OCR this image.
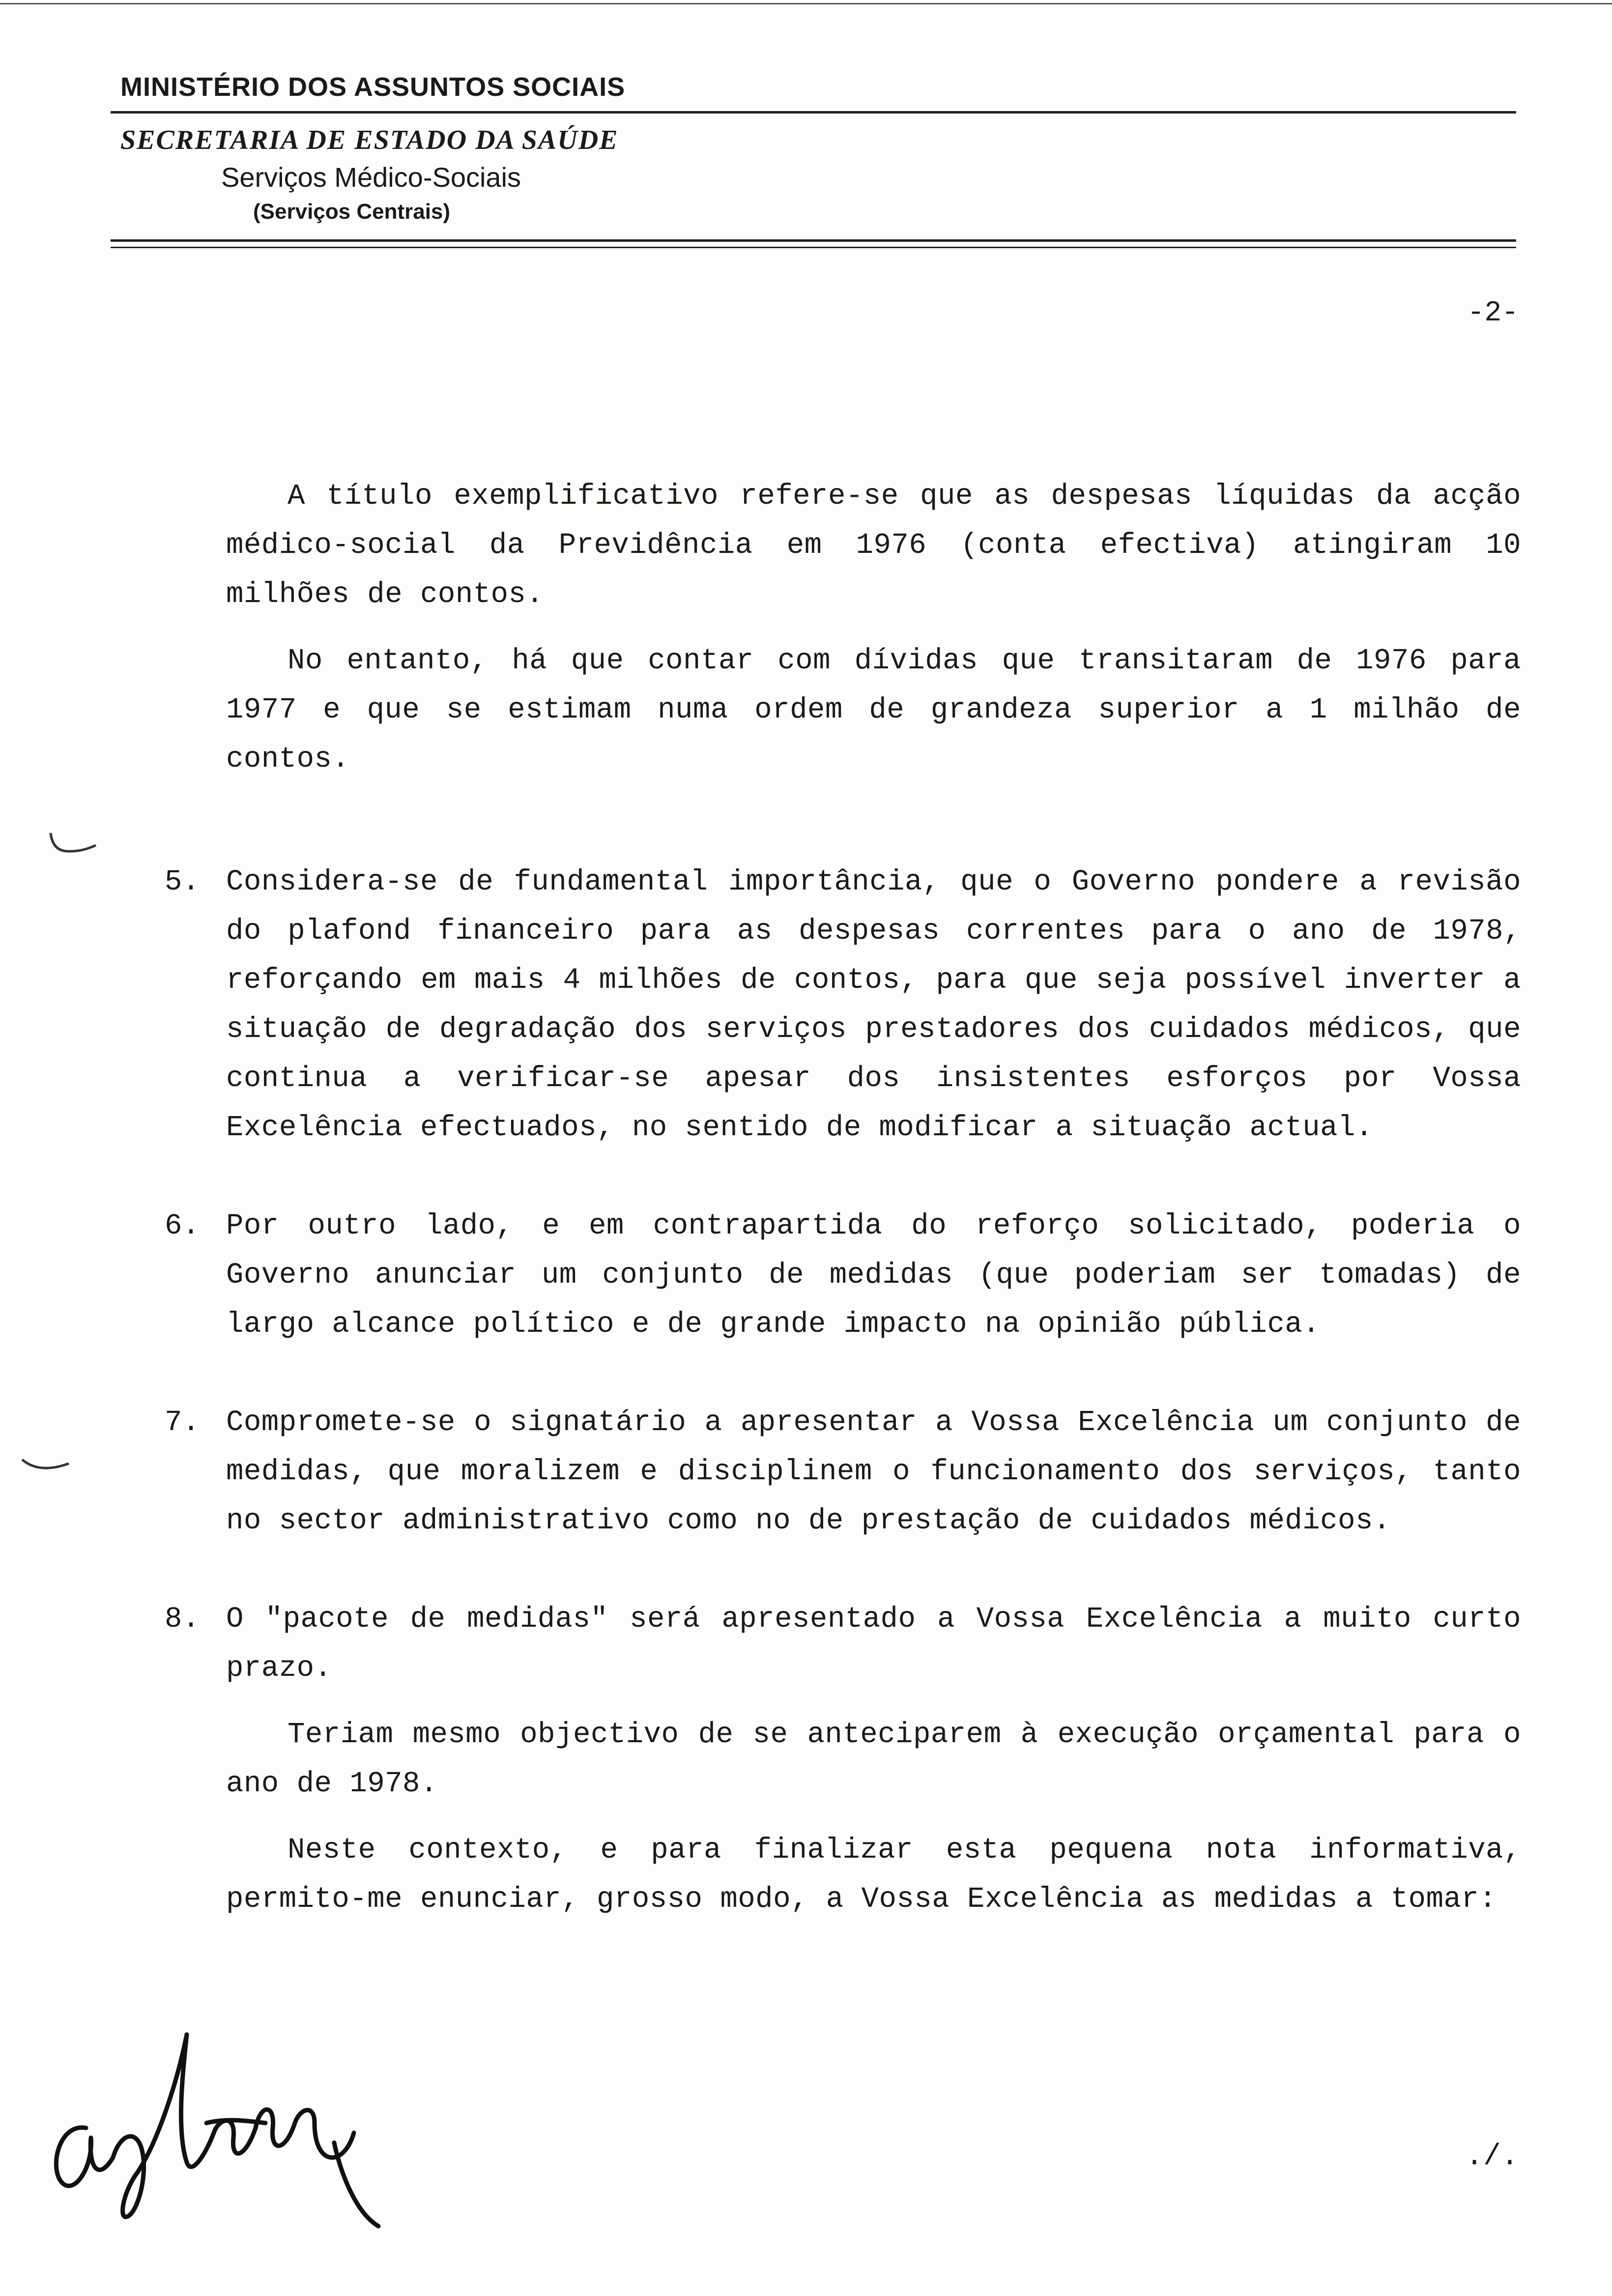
MINISTÉRIO DOS ASSUNTOS SOCIAIS
SECRETARIA DE ESTADO DA SAÚDE
Serviços Médico-Sociais
(Serviços Centrais)
-2-

A título exemplificativo refere-se que as despesas líquidas da acção médico-social da Previdência em 1976 (conta efectiva) atingiram 10 milhões de contos.

No entanto, há que contar com dívidas que transitaram de 1976 para 1977 e que se estimam numa ordem de grandeza superior a 1 milhão de contos.

5. Considera-se de fundamental importância, que o Governo pondere a revisão do plafond financeiro para as despesas correntes para o ano de 1978, reforçando em mais 4 milhões de contos, para que seja possível inverter a situação de degradação dos serviços prestadores dos cuidados médicos, que continua a verificar-se apesar dos insistentes esforços por Vossa Excelência efectuados, no sentido de modificar a situação actual.

6. Por outro lado, e em contrapartida do reforço solicitado, poderia o Governo anunciar um conjunto de medidas (que poderiam ser tomadas) de largo alcance político e de grande impacto na opinião pública.

7. Compromete-se o signatário a apresentar a Vossa Excelência um conjunto de medidas, que moralizem e disciplinem o funcionamento dos serviços, tanto no sector administrativo como no de prestação de cuidados médicos.

8. O "pacote de medidas" será apresentado a Vossa Excelência a muito curto prazo.

Teriam mesmo objectivo de se anteciparem à execução orçamental para o ano de 1978.

Neste contexto, e para finalizar esta pequena nota informativa, permito-me enunciar, grosso modo, a Vossa Excelência as medidas a tomar:

./.
